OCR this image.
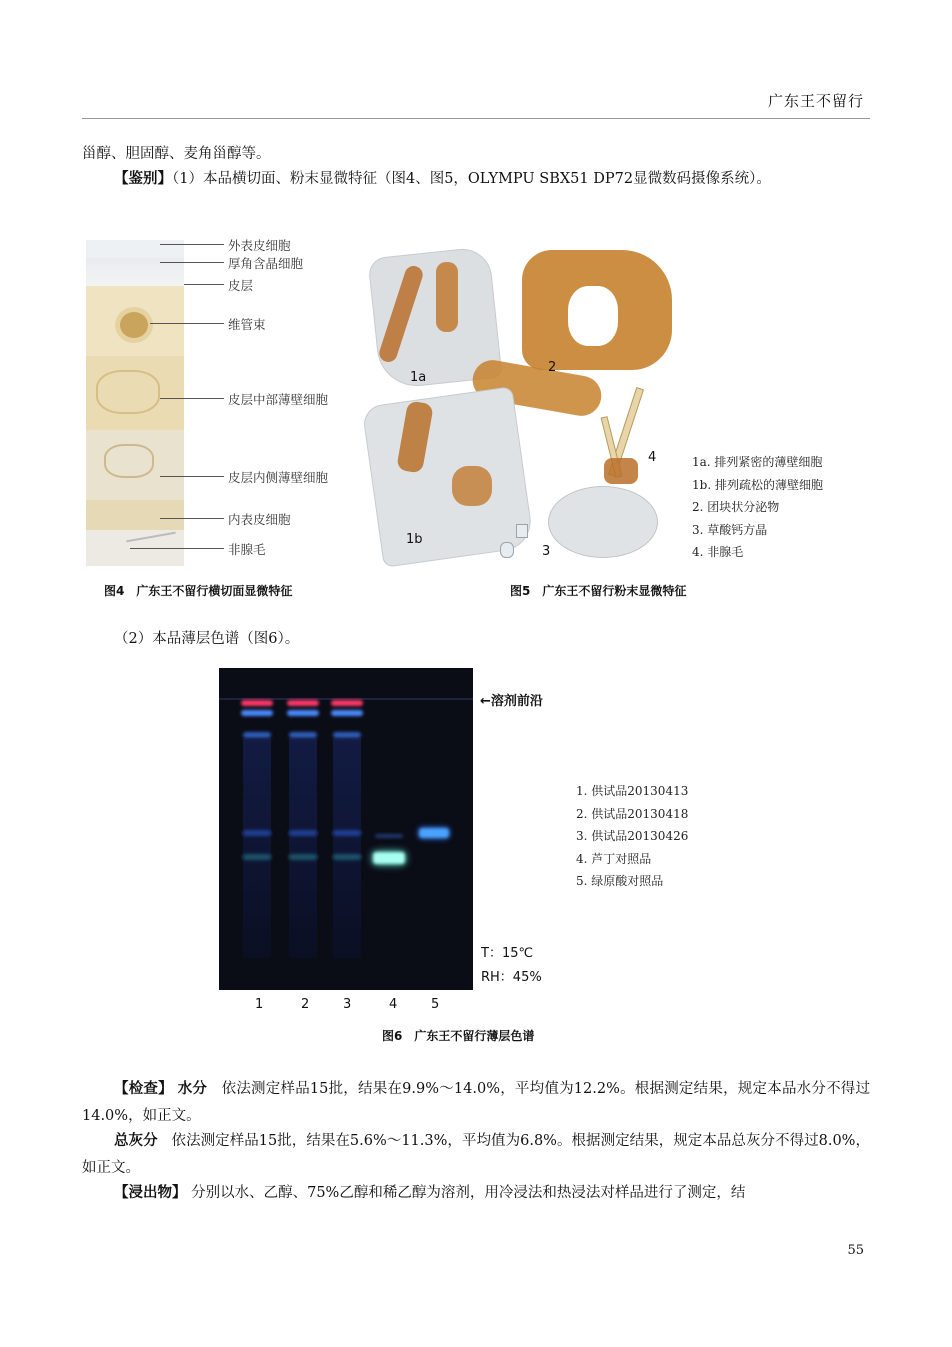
广东王不留行
甾醇、胆固醇、麦角甾醇等。
【鉴别】（1）本品横切面、粉末显微特征（图4、图5，OLYMPU SBX51 DP72显微数码摄像系统）。
外表皮细胞
厚角含晶细胞
皮层
维管束
皮层中部薄壁细胞
皮层内侧薄壁细胞
内表皮细胞
非腺毛
1a
2
4
1b
3
1a. 排列紧密的薄壁细胞
1b. 排列疏松的薄壁细胞
2. 团块状分泌物
3. 草酸钙方晶
4. 非腺毛
图4　广东王不留行横切面显微特征	图5　广东王不留行粉末显微特征
（2）本品薄层色谱（图6）。
←溶剂前沿
T：15℃
RH：45%
1	2	3	4	5
1. 供试品20130413
2. 供试品20130418
3. 供试品20130426
4. 芦丁对照品
5. 绿原酸对照品
图6　广东王不留行薄层色谱
【检查】 水分 依法测定样品15批，结果在9.9%～14.0%，平均值为12.2%。根据测定结果，规定本品水分不得过14.0%，如正文。
总灰分 依法测定样品15批，结果在5.6%～11.3%，平均值为6.8%。根据测定结果，规定本品总灰分不得过8.0%，如正文。
【浸出物】 分别以水、乙醇、75%乙醇和稀乙醇为溶剂，用冷浸法和热浸法对样品进行了测定，结
55
